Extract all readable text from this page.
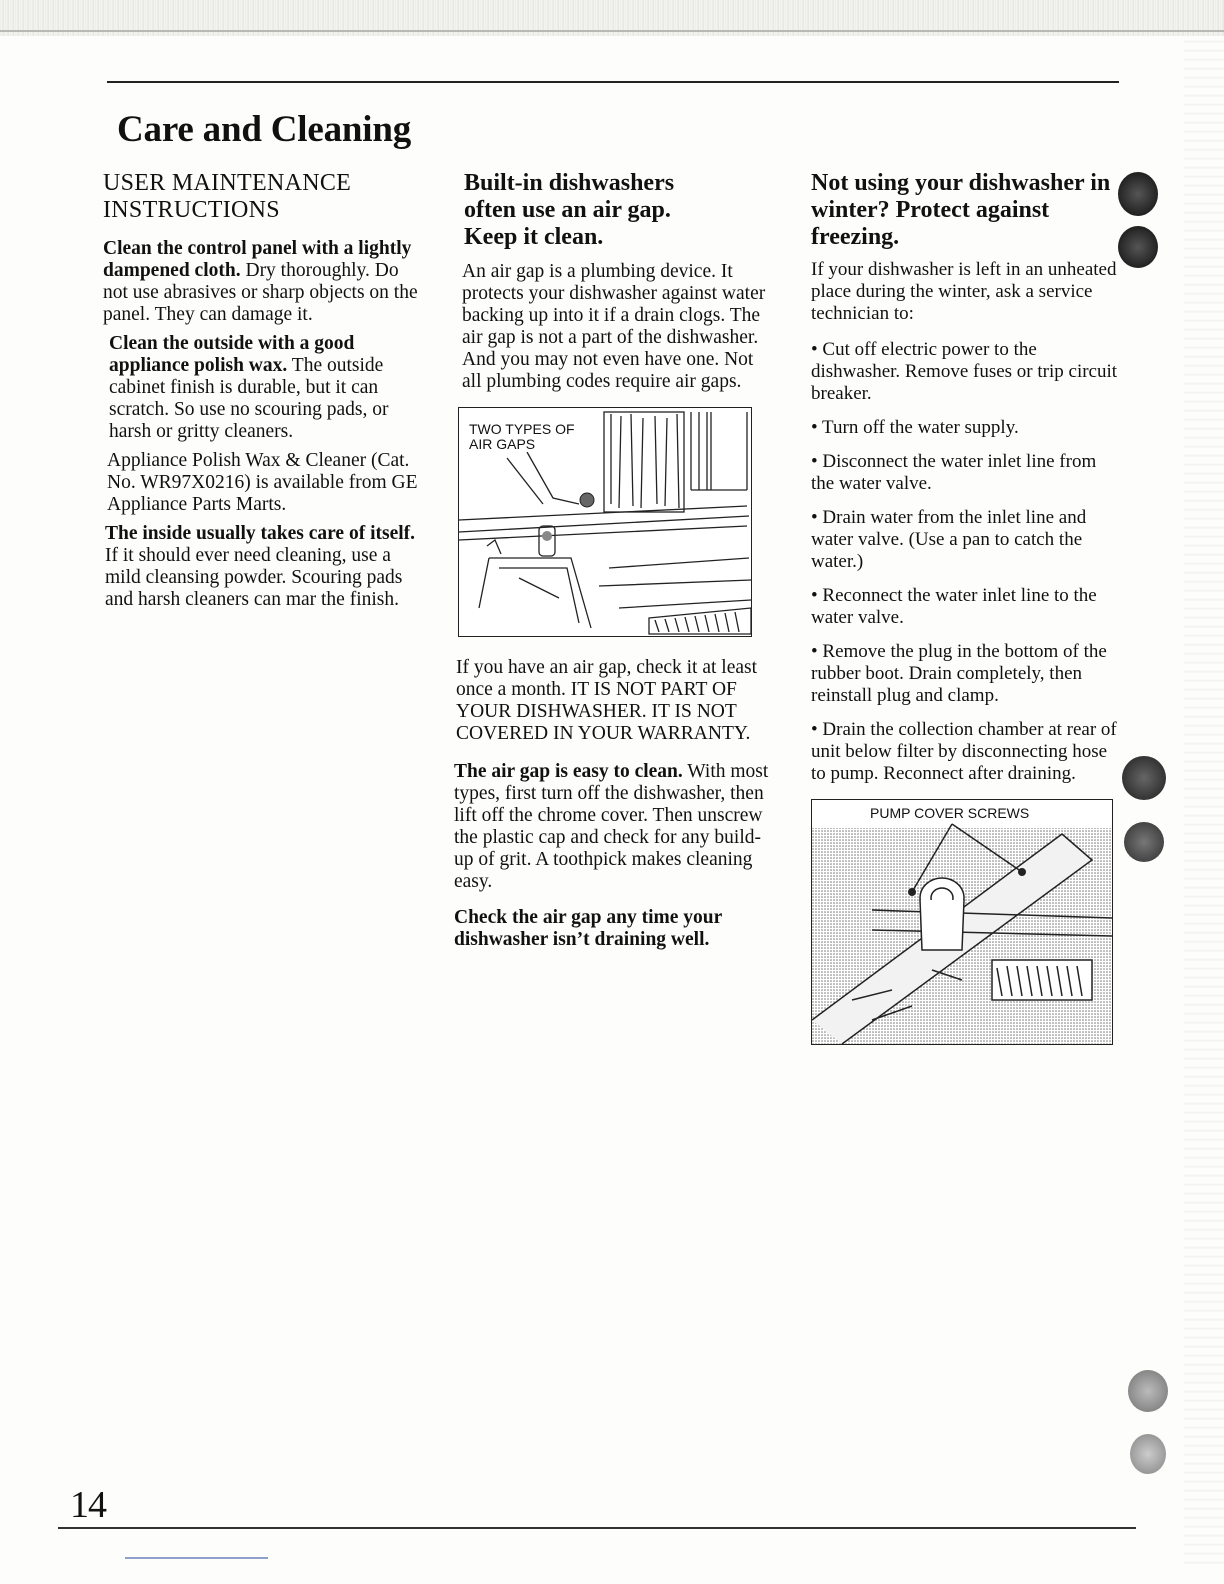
Care and Cleaning
USER MAINTENANCE INSTRUCTIONS

Clean the control panel with a lightly dampened cloth. Dry thoroughly. Do not use abrasives or sharp objects on the panel. They can damage it.

Clean the outside with a good appliance polish wax. The outside cabinet finish is durable, but it can scratch. So use no scouring pads, or harsh or gritty cleaners.

Appliance Polish Wax & Cleaner (Cat. No. WR97X0216) is available from GE Appliance Parts Marts.

The inside usually takes care of itself. If it should ever need cleaning, use a mild cleansing powder. Scouring pads and harsh cleaners can mar the finish.

Built-in dishwashers often use an air gap. Keep it clean.

An air gap is a plumbing device. It protects your dishwasher against water backing up into it if a drain clogs. The air gap is not a part of the dishwasher. And you may not even have one. Not all plumbing codes require air gaps.

TWO TYPES OF AIR GAPS

If you have an air gap, check it at least once a month. IT IS NOT PART OF YOUR DISHWASHER. IT IS NOT COVERED IN YOUR WARRANTY.

The air gap is easy to clean. With most types, first turn off the dishwasher, then lift off the chrome cover. Then unscrew the plastic cap and check for any build-up of grit. A toothpick makes cleaning easy.

Check the air gap any time your dishwasher isn’t draining well.

Not using your dishwasher in winter? Protect against freezing.

If your dishwasher is left in an unheated place during the winter, ask a service technician to:

• Cut off electric power to the dishwasher. Remove fuses or trip circuit breaker.

• Turn off the water supply.

• Disconnect the water inlet line from the water valve.

• Drain water from the inlet line and water valve. (Use a pan to catch the water.)

• Reconnect the water inlet line to the water valve.

• Remove the plug in the bottom of the rubber boot. Drain completely, then reinstall plug and clamp.

• Drain the collection chamber at rear of unit below filter by disconnecting hose to pump. Reconnect after draining.

PUMP COVER SCREWS
14
